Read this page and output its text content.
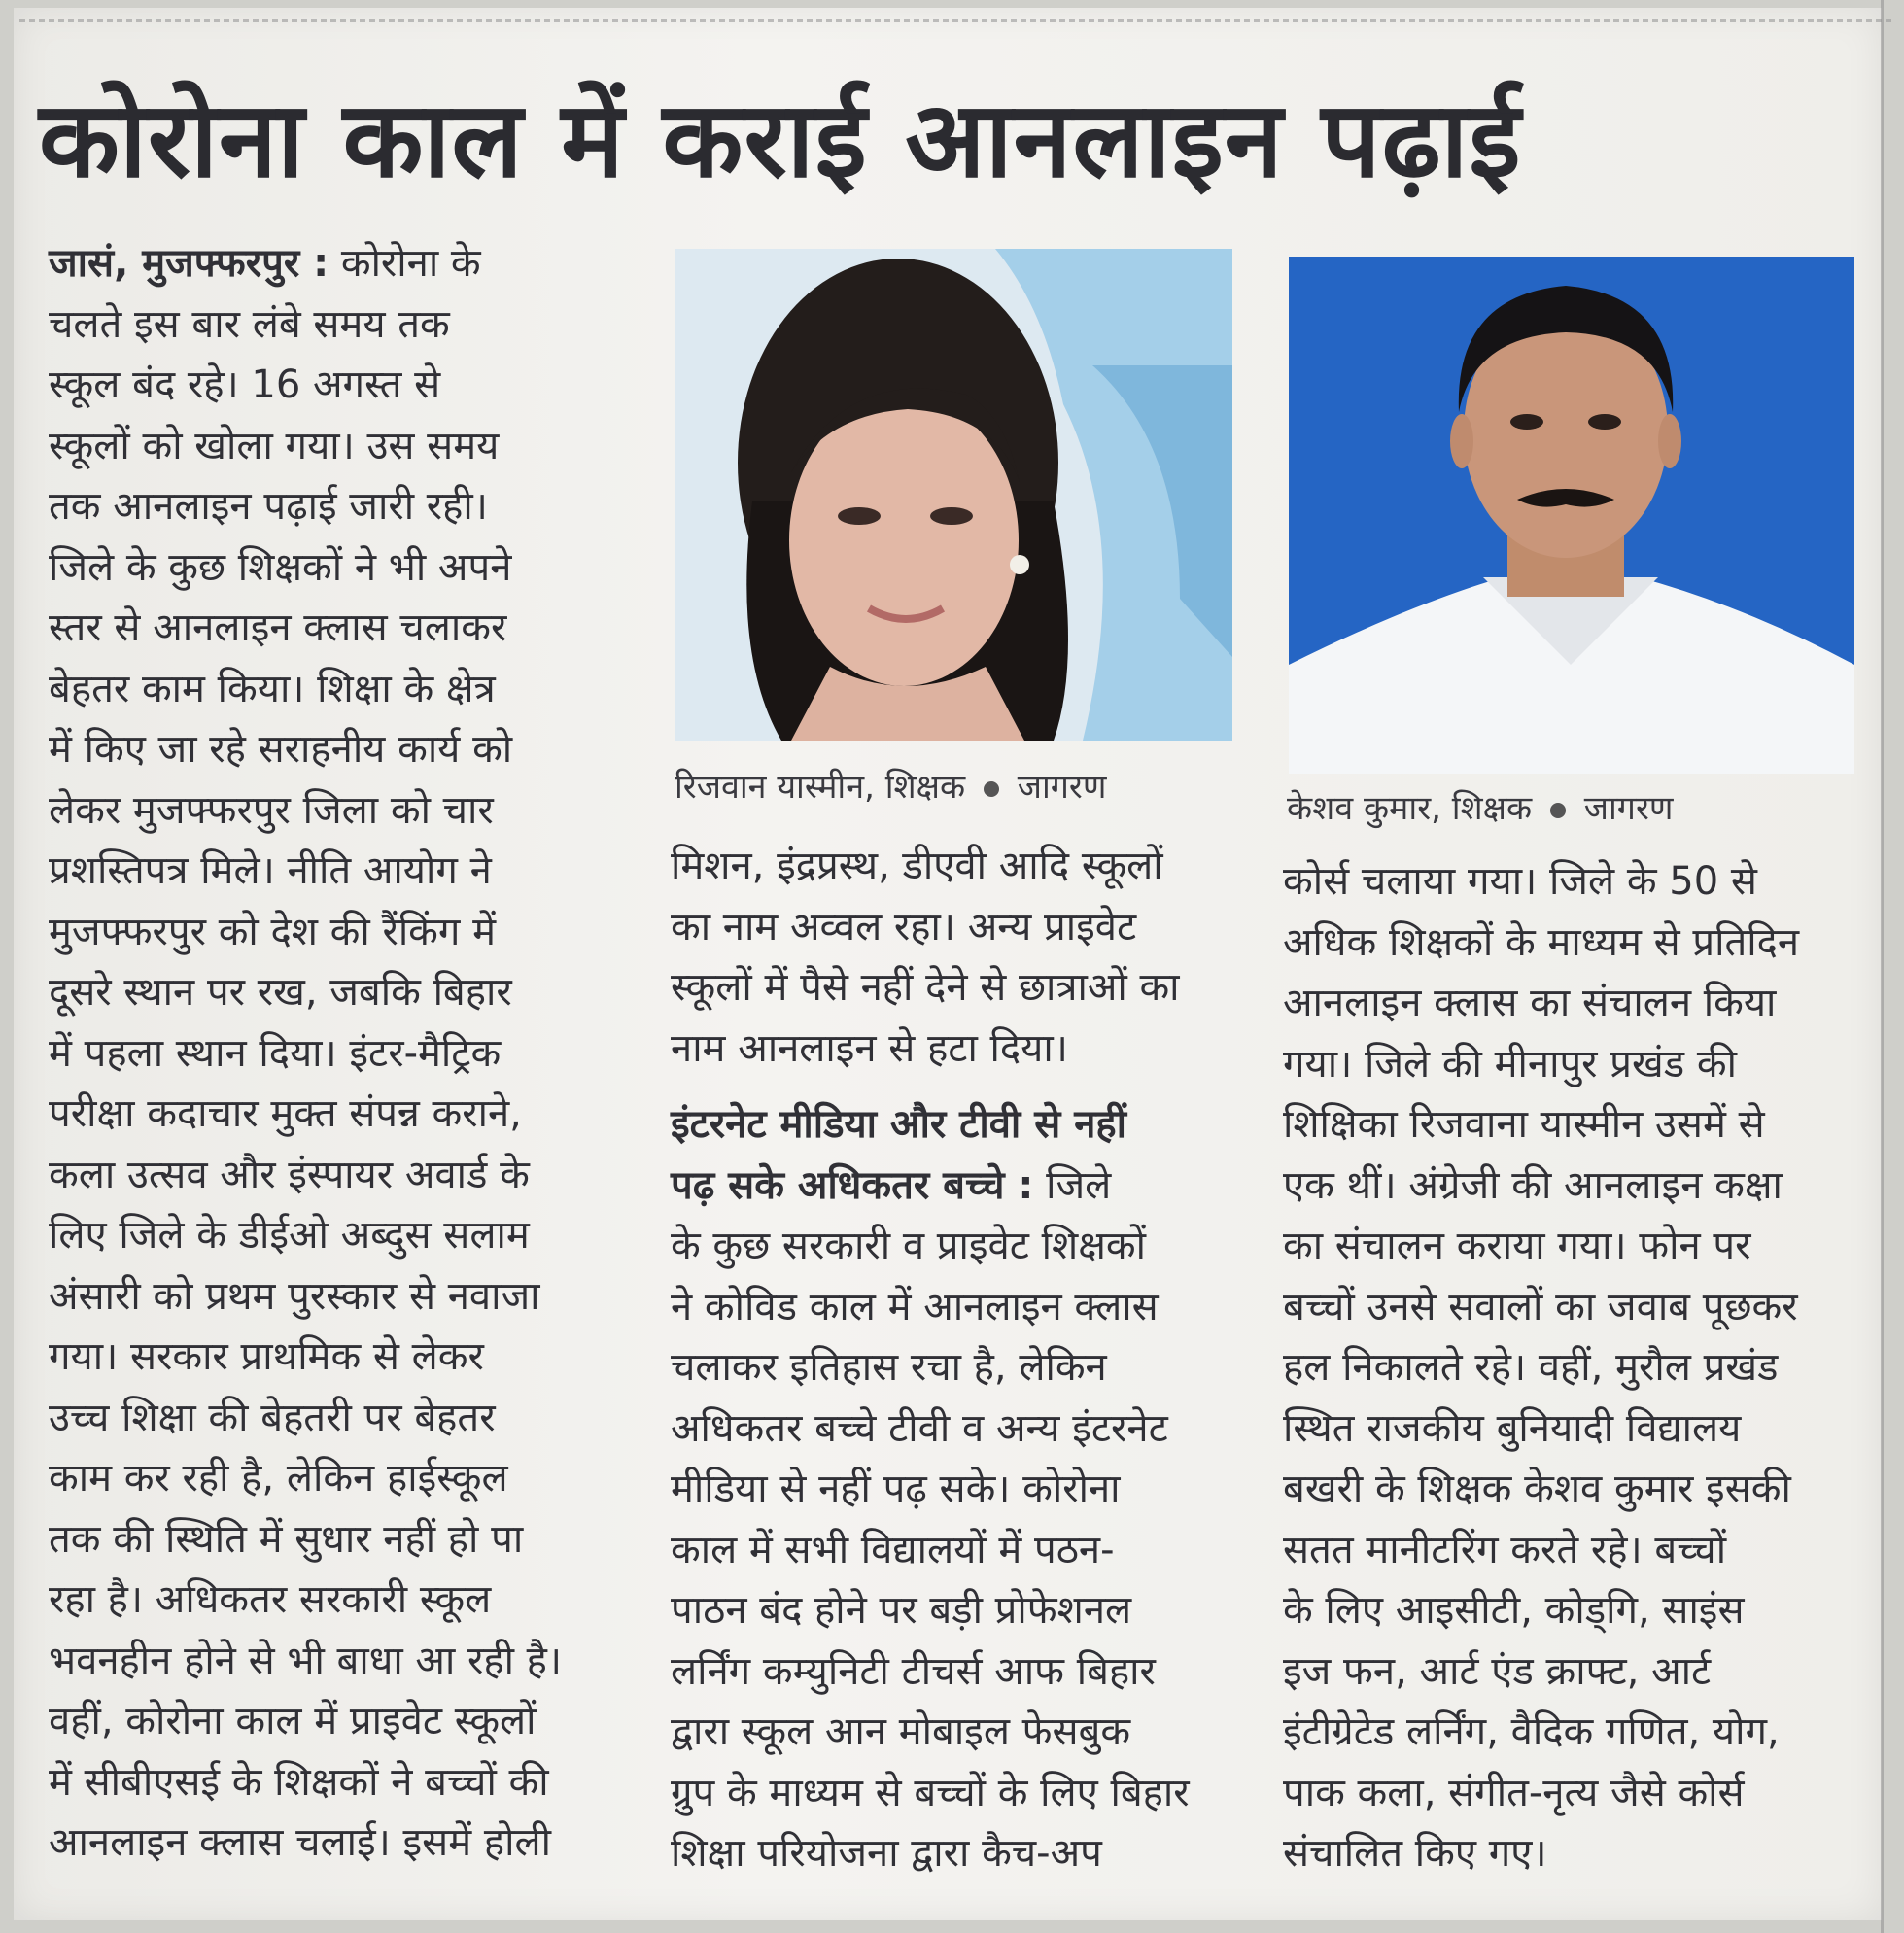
कोरोना काल में कराई आनलाइन पढ़ाई
जासं, मुजफ्फरपुर : कोरोना के
चलते इस बार लंबे समय तक
स्कूल बंद रहे। 16 अगस्त से
स्कूलों को खोला गया। उस समय
तक आनलाइन पढ़ाई जारी रही।
जिले के कुछ शिक्षकों ने भी अपने
स्तर से आनलाइन क्लास चलाकर
बेहतर काम किया। शिक्षा के क्षेत्र
में किए जा रहे सराहनीय कार्य को
लेकर मुजफ्फरपुर जिला को चार
प्रशस्तिपत्र मिले। नीति आयोग ने
मुजफ्फरपुर को देश की रैंकिंग में
दूसरे स्थान पर रख, जबकि बिहार
में पहला स्थान दिया। इंटर-मैट्रिक
परीक्षा कदाचार मुक्त संपन्न कराने,
कला उत्सव और इंस्पायर अवार्ड के
लिए जिले के डीईओ अब्दुस सलाम
अंसारी को प्रथम पुरस्कार से नवाजा
गया। सरकार प्राथमिक से लेकर
उच्च शिक्षा की बेहतरी पर बेहतर
काम कर रही है, लेकिन हाईस्कूल
तक की स्थिति में सुधार नहीं हो पा
रहा है। अधिकतर सरकारी स्कूल
भवनहीन होने से भी बाधा आ रही है।
वहीं, कोरोना काल में प्राइवेट स्कूलों
में सीबीएसई के शिक्षकों ने बच्चों की
आनलाइन क्लास चलाई। इसमें होली
रिजवान यास्मीन, शिक्षक जागरण
केशव कुमार, शिक्षक जागरण
मिशन, इंद्रप्रस्थ, डीएवी आदि स्कूलों
का नाम अव्वल रहा। अन्य प्राइवेट
स्कूलों में पैसे नहीं देने से छात्राओं का
नाम आनलाइन से हटा दिया।
इंटरनेट मीडिया और टीवी से नहीं
पढ़ सके अधिकतर बच्चे : जिले
के कुछ सरकारी व प्राइवेट शिक्षकों
ने कोविड काल में आनलाइन क्लास
चलाकर इतिहास रचा है, लेकिन
अधिकतर बच्चे टीवी व अन्य इंटरनेट
मीडिया से नहीं पढ़ सके। कोरोना
काल में सभी विद्यालयों में पठन-
पाठन बंद होने पर बड़ी प्रोफेशनल
लर्निंग कम्युनिटी टीचर्स आफ बिहार
द्वारा स्कूल आन मोबाइल फेसबुक
ग्रुप के माध्यम से बच्चों के लिए बिहार
शिक्षा परियोजना द्वारा कैच-अप
कोर्स चलाया गया। जिले के 50 से
अधिक शिक्षकों के माध्यम से प्रतिदिन
आनलाइन क्लास का संचालन किया
गया। जिले की मीनापुर प्रखंड की
शिक्षिका रिजवाना यास्मीन उसमें से
एक थीं। अंग्रेजी की आनलाइन कक्षा
का संचालन कराया गया। फोन पर
बच्चों उनसे सवालों का जवाब पूछकर
हल निकालते रहे। वहीं, मुरौल प्रखंड
स्थित राजकीय बुनियादी विद्यालय
बखरी के शिक्षक केशव कुमार इसकी
सतत मानीटरिंग करते रहे। बच्चों
के लिए आइसीटी, कोड्गि, साइंस
इज फन, आर्ट एंड क्राफ्ट, आर्ट
इंटीग्रेटेड लर्निंग, वैदिक गणित, योग,
पाक कला, संगीत-नृत्य जैसे कोर्स
संचालित किए गए।
